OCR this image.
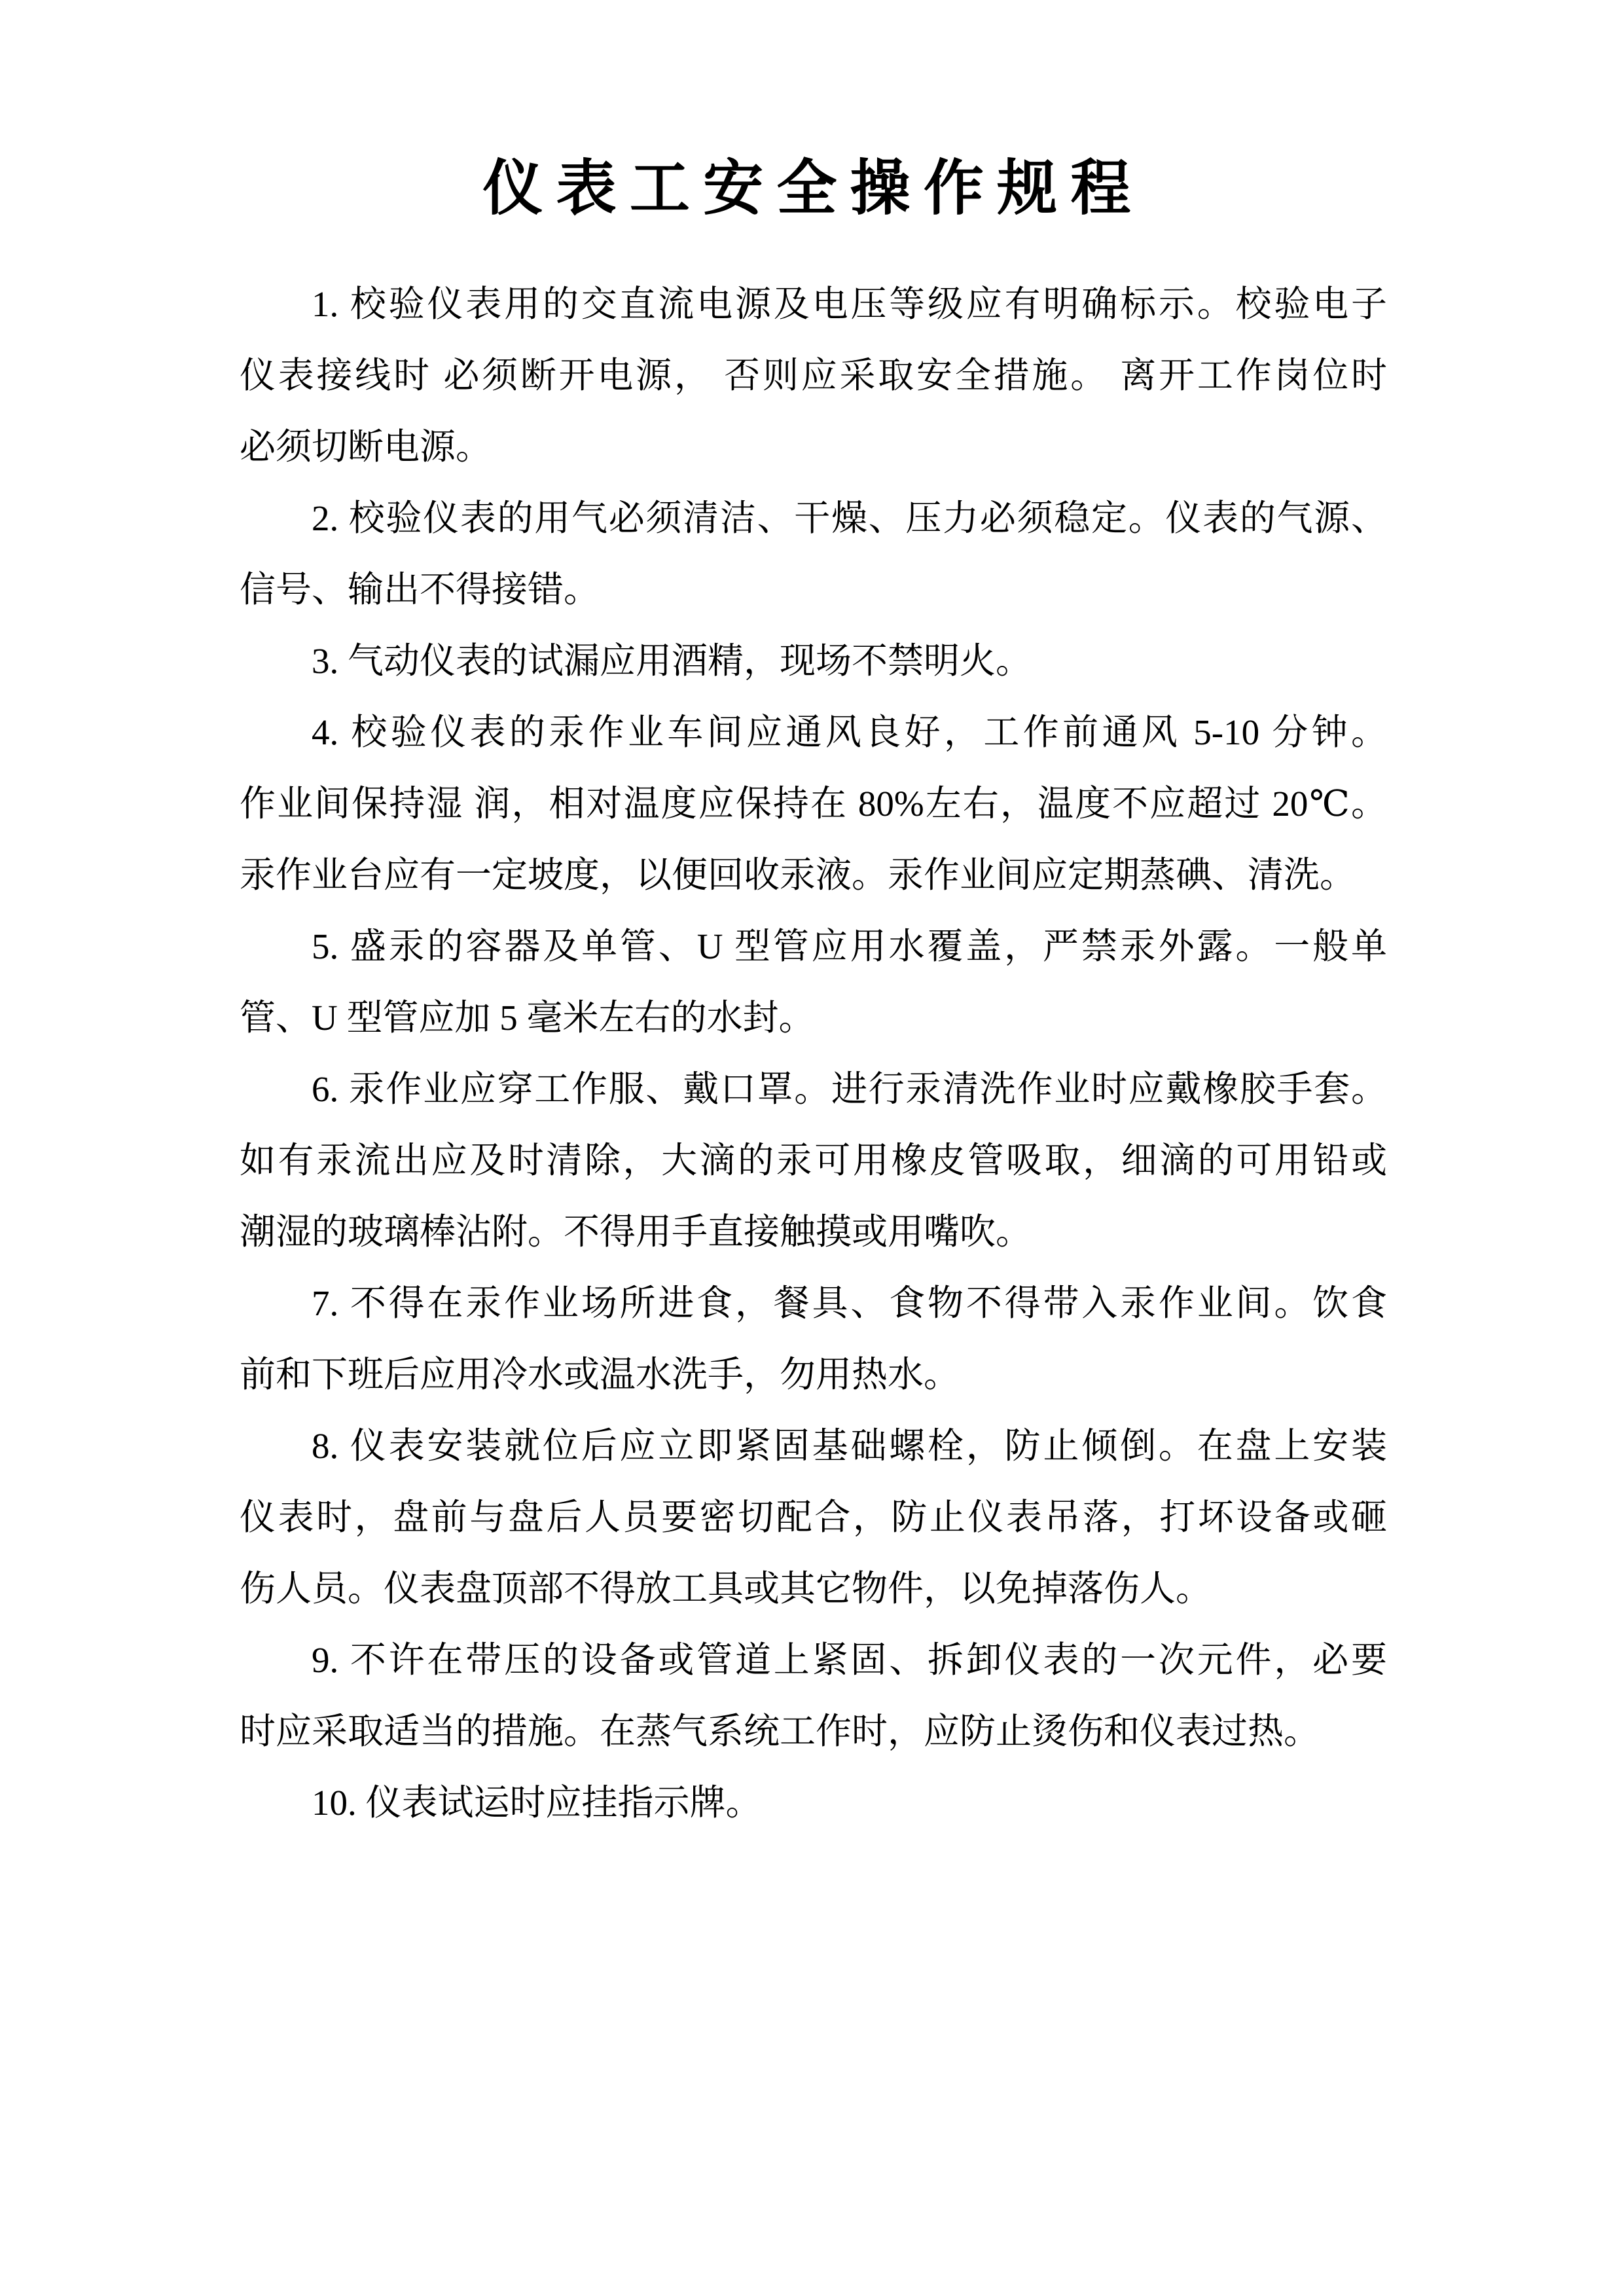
仪表工安全操作规程
1. 校验仪表用的交直流电源及电压等级应有明确标示。校验电子
仪表接线时 必须断开电源， 否则应采取安全措施。 离开工作岗位时
必须切断电源。
2. 校验仪表的用气必须清洁、干燥、压力必须稳定。仪表的气源、
信号、输出不得接错。
3. 气动仪表的试漏应用酒精，现场不禁明火。
4. 校验仪表的汞作业车间应通风良好，工作前通风 5-10 分钟。
作业间保持湿 润，相对温度应保持在 80%左右，温度不应超过 20℃。
汞作业台应有一定坡度，以便回收汞液。汞作业间应定期蒸碘、清洗。
5. 盛汞的容器及单管、U 型管应用水覆盖，严禁汞外露。一般单
管、U 型管应加 5 毫米左右的水封。
6. 汞作业应穿工作服、戴口罩。进行汞清洗作业时应戴橡胶手套。
如有汞流出应及时清除，大滴的汞可用橡皮管吸取，细滴的可用铅或
潮湿的玻璃棒沾附。不得用手直接触摸或用嘴吹。
7. 不得在汞作业场所进食，餐具、食物不得带入汞作业间。饮食
前和下班后应用冷水或温水洗手，勿用热水。
8. 仪表安装就位后应立即紧固基础螺栓，防止倾倒。在盘上安装
仪表时，盘前与盘后人员要密切配合，防止仪表吊落，打坏设备或砸
伤人员。仪表盘顶部不得放工具或其它物件，以免掉落伤人。
9. 不许在带压的设备或管道上紧固、拆卸仪表的一次元件，必要
时应采取适当的措施。在蒸气系统工作时，应防止烫伤和仪表过热。
10. 仪表试运时应挂指示牌。
